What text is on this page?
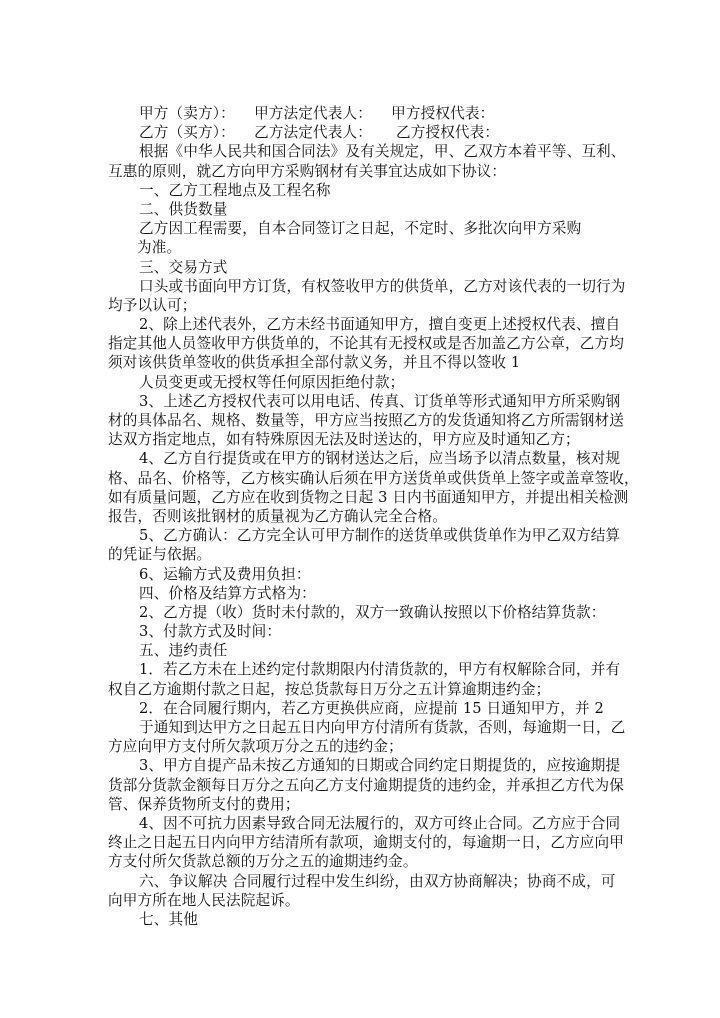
甲方（卖方）：    甲方法定代表人：    甲方授权代表：
乙方（买方）：    乙方法定代表人：     乙方授权代表：
根据《中华人民共和国合同法》及有关规定，甲、乙双方本着平等、互利、
互惠的原则，就乙方向甲方采购钢材有关事宜达成如下协议：
一、乙方工程地点及工程名称
二、供货数量
乙方因工程需要，自本合同签订之日起，不定时、多批次向甲方采购
为准。
三、交易方式
口头或书面向甲方订货，有权签收甲方的供货单，乙方对该代表的一切行为
均予以认可；
2、除上述代表外，乙方未经书面通知甲方，擅自变更上述授权代表、擅自
指定其他人员签收甲方供货单的，不论其有无授权或是否加盖乙方公章，乙方均
须对该供货单签收的供货承担全部付款义务，并且不得以签收 1
人员变更或无授权等任何原因拒绝付款；
3、上述乙方授权代表可以用电话、传真、订货单等形式通知甲方所采购钢
材的具体品名、规格、数量等，甲方应当按照乙方的发货通知将乙方所需钢材送
达双方指定地点，如有特殊原因无法及时送达的，甲方应及时通知乙方；
4、乙方自行提货或在甲方的钢材送达之后，应当场予以清点数量，核对规
格、品名、价格等，乙方核实确认后须在甲方送货单或供货单上签字或盖章签收，
如有质量问题，乙方应在收到货物之日起 3 日内书面通知甲方，并提出相关检测
报告，否则该批钢材的质量视为乙方确认完全合格。
5、乙方确认：乙方完全认可甲方制作的送货单或供货单作为甲乙双方结算
的凭证与依据。
6、运输方式及费用负担：
四、价格及结算方式格为：
2、乙方提（收）货时未付款的，双方一致确认按照以下价格结算货款：
3、付款方式及时间：
五、违约责任
1．若乙方未在上述约定付款期限内付清货款的，甲方有权解除合同，并有
权自乙方逾期付款之日起，按总货款每日万分之五计算逾期违约金；
2．在合同履行期内，若乙方更换供应商，应提前 15 日通知甲方，并 2
于通知到达甲方之日起五日内向甲方付清所有货款，否则，每逾期一日，乙
方应向甲方支付所欠款项万分之五的违约金；
3、甲方自提产品未按乙方通知的日期或合同约定日期提货的，应按逾期提
货部分货款金额每日万分之五向乙方支付逾期提货的违约金，并承担乙方代为保
管、保养货物所支付的费用；
4、因不可抗力因素导致合同无法履行的，双方可终止合同。乙方应于合同
终止之日起五日内向甲方结清所有款项，逾期支付的，每逾期一日，乙方应向甲
方支付所欠货款总额的万分之五的逾期违约金。
六、争议解决 合同履行过程中发生纠纷，由双方协商解决；协商不成，可
向甲方所在地人民法院起诉。
七、其他
